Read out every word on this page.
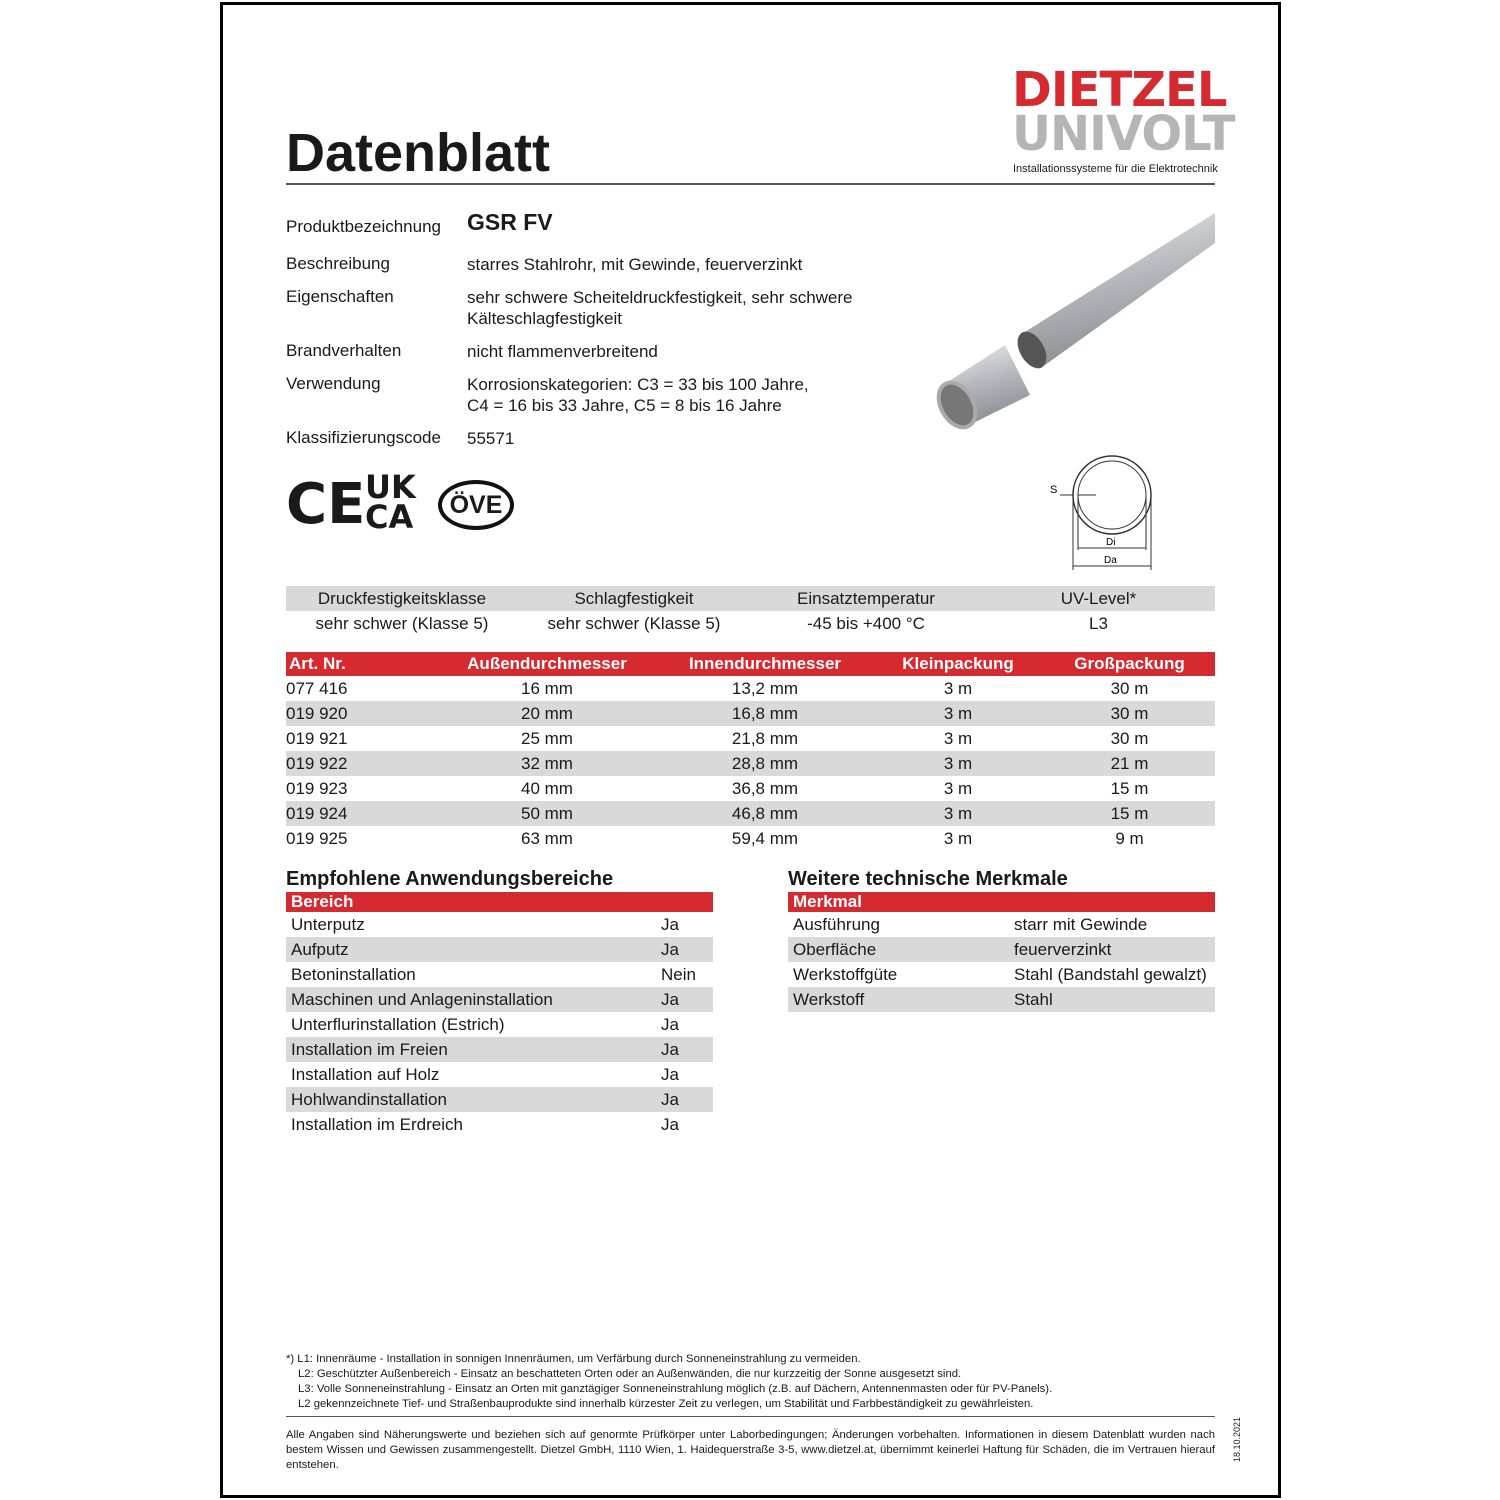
Datenblatt
DIETZEL
UNIVOLT
Installationssysteme für die Elektrotechnik
Produktbezeichnung	GSR FV
Beschreibung	starres Stahlrohr, mit Gewinde, feuerverzinkt
Eigenschaften	sehr schwere Scheiteldruckfestigkeit, sehr schwere
Kälteschlagfestigkeit
Brandverhalten	nicht flammenverbreitend
Verwendung	Korrosionskategorien: C3 = 33 bis 100 Jahre,
C4 = 16 bis 33 Jahre, C5 = 8 bis 16 Jahre
Klassifizierungscode	55571
CE UK
CA	ÖVE
S
Di
Da
Druckfestigkeitsklasse	Schlagfestigkeit	Einsatztemperatur	UV-Level*
sehr schwer (Klasse 5)	sehr schwer (Klasse 5)	-45 bis +400 °C	L3
Art. Nr.	Außendurchmesser	Innendurchmesser	Kleinpackung	Großpackung
077 416	16 mm	13,2 mm	3 m	30 m
019 920	20 mm	16,8 mm	3 m	30 m
019 921	25 mm	21,8 mm	3 m	30 m
019 922	32 mm	28,8 mm	3 m	21 m
019 923	40 mm	36,8 mm	3 m	15 m
019 924	50 mm	46,8 mm	3 m	15 m
019 925	63 mm	59,4 mm	3 m	9 m
Empfohlene Anwendungsbereiche
Bereich
Unterputz	Ja
Aufputz	Ja
Betoninstallation	Nein
Maschinen und Anlageninstallation	Ja
Unterflurinstallation (Estrich)	Ja
Installation im Freien	Ja
Installation auf Holz	Ja
Hohlwandinstallation	Ja
Installation im Erdreich	Ja
Weitere technische Merkmale
Merkmal
Ausführung	starr mit Gewinde
Oberfläche	feuerverzinkt
Werkstoffgüte	Stahl (Bandstahl gewalzt)
Werkstoff	Stahl
*) L1: Innenräume - Installation in sonnigen Innenräumen, um Verfärbung durch Sonneneinstrahlung zu vermeiden.
L2: Geschützter Außenbereich - Einsatz an beschatteten Orten oder an Außenwänden, die nur kurzzeitig der Sonne ausgesetzt sind.
L3: Volle Sonneneinstrahlung - Einsatz an Orten mit ganztägiger Sonneneinstrahlung möglich (z.B. auf Dächern, Antennenmasten oder für PV-Panels).
L2 gekennzeichnete Tief- und Straßenbauprodukte sind innerhalb kürzester Zeit zu verlegen, um Stabilität und Farbbeständigkeit zu gewährleisten.
Alle Angaben sind Näherungswerte und beziehen sich auf genormte Prüfkörper unter Laborbedingungen; Änderungen vorbehalten. Informationen in diesem Datenblatt wurden nach bestem Wissen und Gewissen zusammengestellt. Dietzel GmbH, 1110 Wien, 1. Haidequerstraße 3-5, www.dietzel.at, übernimmt keinerlei Haftung für Schäden, die im Vertrauen hierauf entstehen.
18.10.2021
